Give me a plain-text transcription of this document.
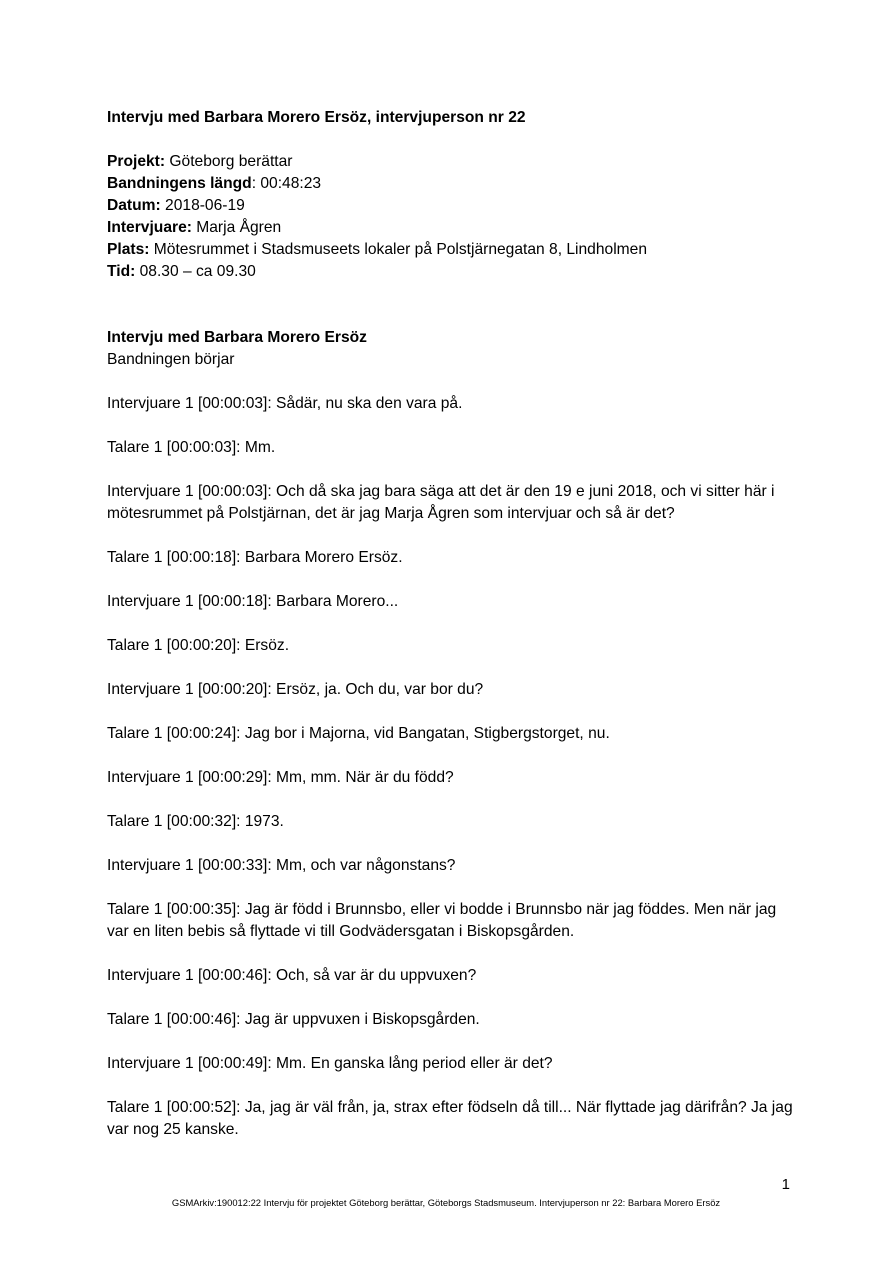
Intervju med Barbara Morero Ersöz, intervjuperson nr 22

Projekt: Göteborg berättar

Bandningens längd: 00:48:23

Datum: 2018-06-19

Intervjuare: Marja Ågren

Plats: Mötesrummet i Stadsmuseets lokaler på Polstjärnegatan 8, Lindholmen

Tid: 08.30 – ca 09.30

Intervju med Barbara Morero Ersöz

Bandningen börjar

Intervjuare 1 [00:00:03]: Sådär, nu ska den vara på.

Talare 1 [00:00:03]: Mm.

Intervjuare 1 [00:00:03]: Och då ska jag bara säga att det är den 19 e juni 2018, och vi sitter här i mötesrummet på Polstjärnan, det är jag Marja Ågren som intervjuar och så är det?

Talare 1 [00:00:18]: Barbara Morero Ersöz.

Intervjuare 1 [00:00:18]: Barbara Morero...

Talare 1 [00:00:20]: Ersöz.

Intervjuare 1 [00:00:20]: Ersöz, ja. Och du, var bor du?

Talare 1 [00:00:24]: Jag bor i Majorna, vid Bangatan, Stigbergstorget, nu.

Intervjuare 1 [00:00:29]: Mm, mm. När är du född?

Talare 1 [00:00:32]: 1973.

Intervjuare 1 [00:00:33]: Mm, och var någonstans?

Talare 1 [00:00:35]: Jag är född i Brunnsbo, eller vi bodde i Brunnsbo när jag föddes. Men när jag var en liten bebis så flyttade vi till Godvädersgatan i Biskopsgården.

Intervjuare 1 [00:00:46]: Och, så var är du uppvuxen?

Talare 1 [00:00:46]: Jag är uppvuxen i Biskopsgården.

Intervjuare 1 [00:00:49]: Mm. En ganska lång period eller är det?

Talare 1 [00:00:52]: Ja, jag är väl från, ja, strax efter födseln då till... När flyttade jag därifrån? Ja jag var nog 25 kanske.

1
GSMArkiv:190012:22 Intervju för projektet Göteborg berättar, Göteborgs Stadsmuseum. Intervjuperson nr 22: Barbara Morero Ersöz
